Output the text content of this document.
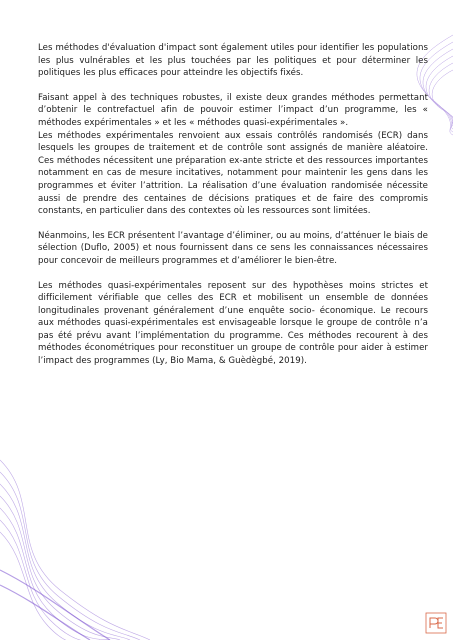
Les méthodes d'évaluation d'impact sont également utiles pour identifier les populations les plus vulnérables et les plus touchées par les politiques et pour déterminer les politiques les plus efficaces pour atteindre les objectifs fixés.

Faisant appel à des techniques robustes, il existe deux grandes méthodes permettant d’obtenir le contrefactuel afin de pouvoir estimer l’impact d’un programme, les « méthodes expérimentales » et les « méthodes quasi-expérimentales ».

Les méthodes expérimentales renvoient aux essais contrôlés randomisés (ECR) dans lesquels les groupes de traitement et de contrôle sont assignés de manière aléatoire. Ces méthodes nécessitent une préparation ex-ante stricte et des ressources importantes notamment en cas de mesure incitatives, notamment pour maintenir les gens dans les programmes et éviter l’attrition. La réalisation d’une évaluation randomisée nécessite aussi de prendre des centaines de décisions pratiques et de faire des compromis constants, en particulier dans des contextes où les ressources sont limitées.

Néanmoins, les ECR présentent l’avantage d’éliminer, ou au moins, d’atténuer le biais de sélection (Duflo, 2005) et nous fournissent dans ce sens les connaissances nécessaires pour concevoir de meilleurs programmes et d’améliorer le bien-être.

Les méthodes quasi-expérimentales reposent sur des hypothèses moins strictes et difficilement vérifiable que celles des ECR et mobilisent un ensemble de données longitudinales provenant généralement d’une enquête socio- économique. Le recours aux méthodes quasi-expérimentales est envisageable lorsque le groupe de contrôle n’a pas été prévu avant l’implémentation du programme. Ces méthodes recourent à des méthodes économétriques pour reconstituer un groupe de contrôle pour aider à estimer l’impact des programmes (Ly, Bio Mama, & Guèdègbé, 2019).
